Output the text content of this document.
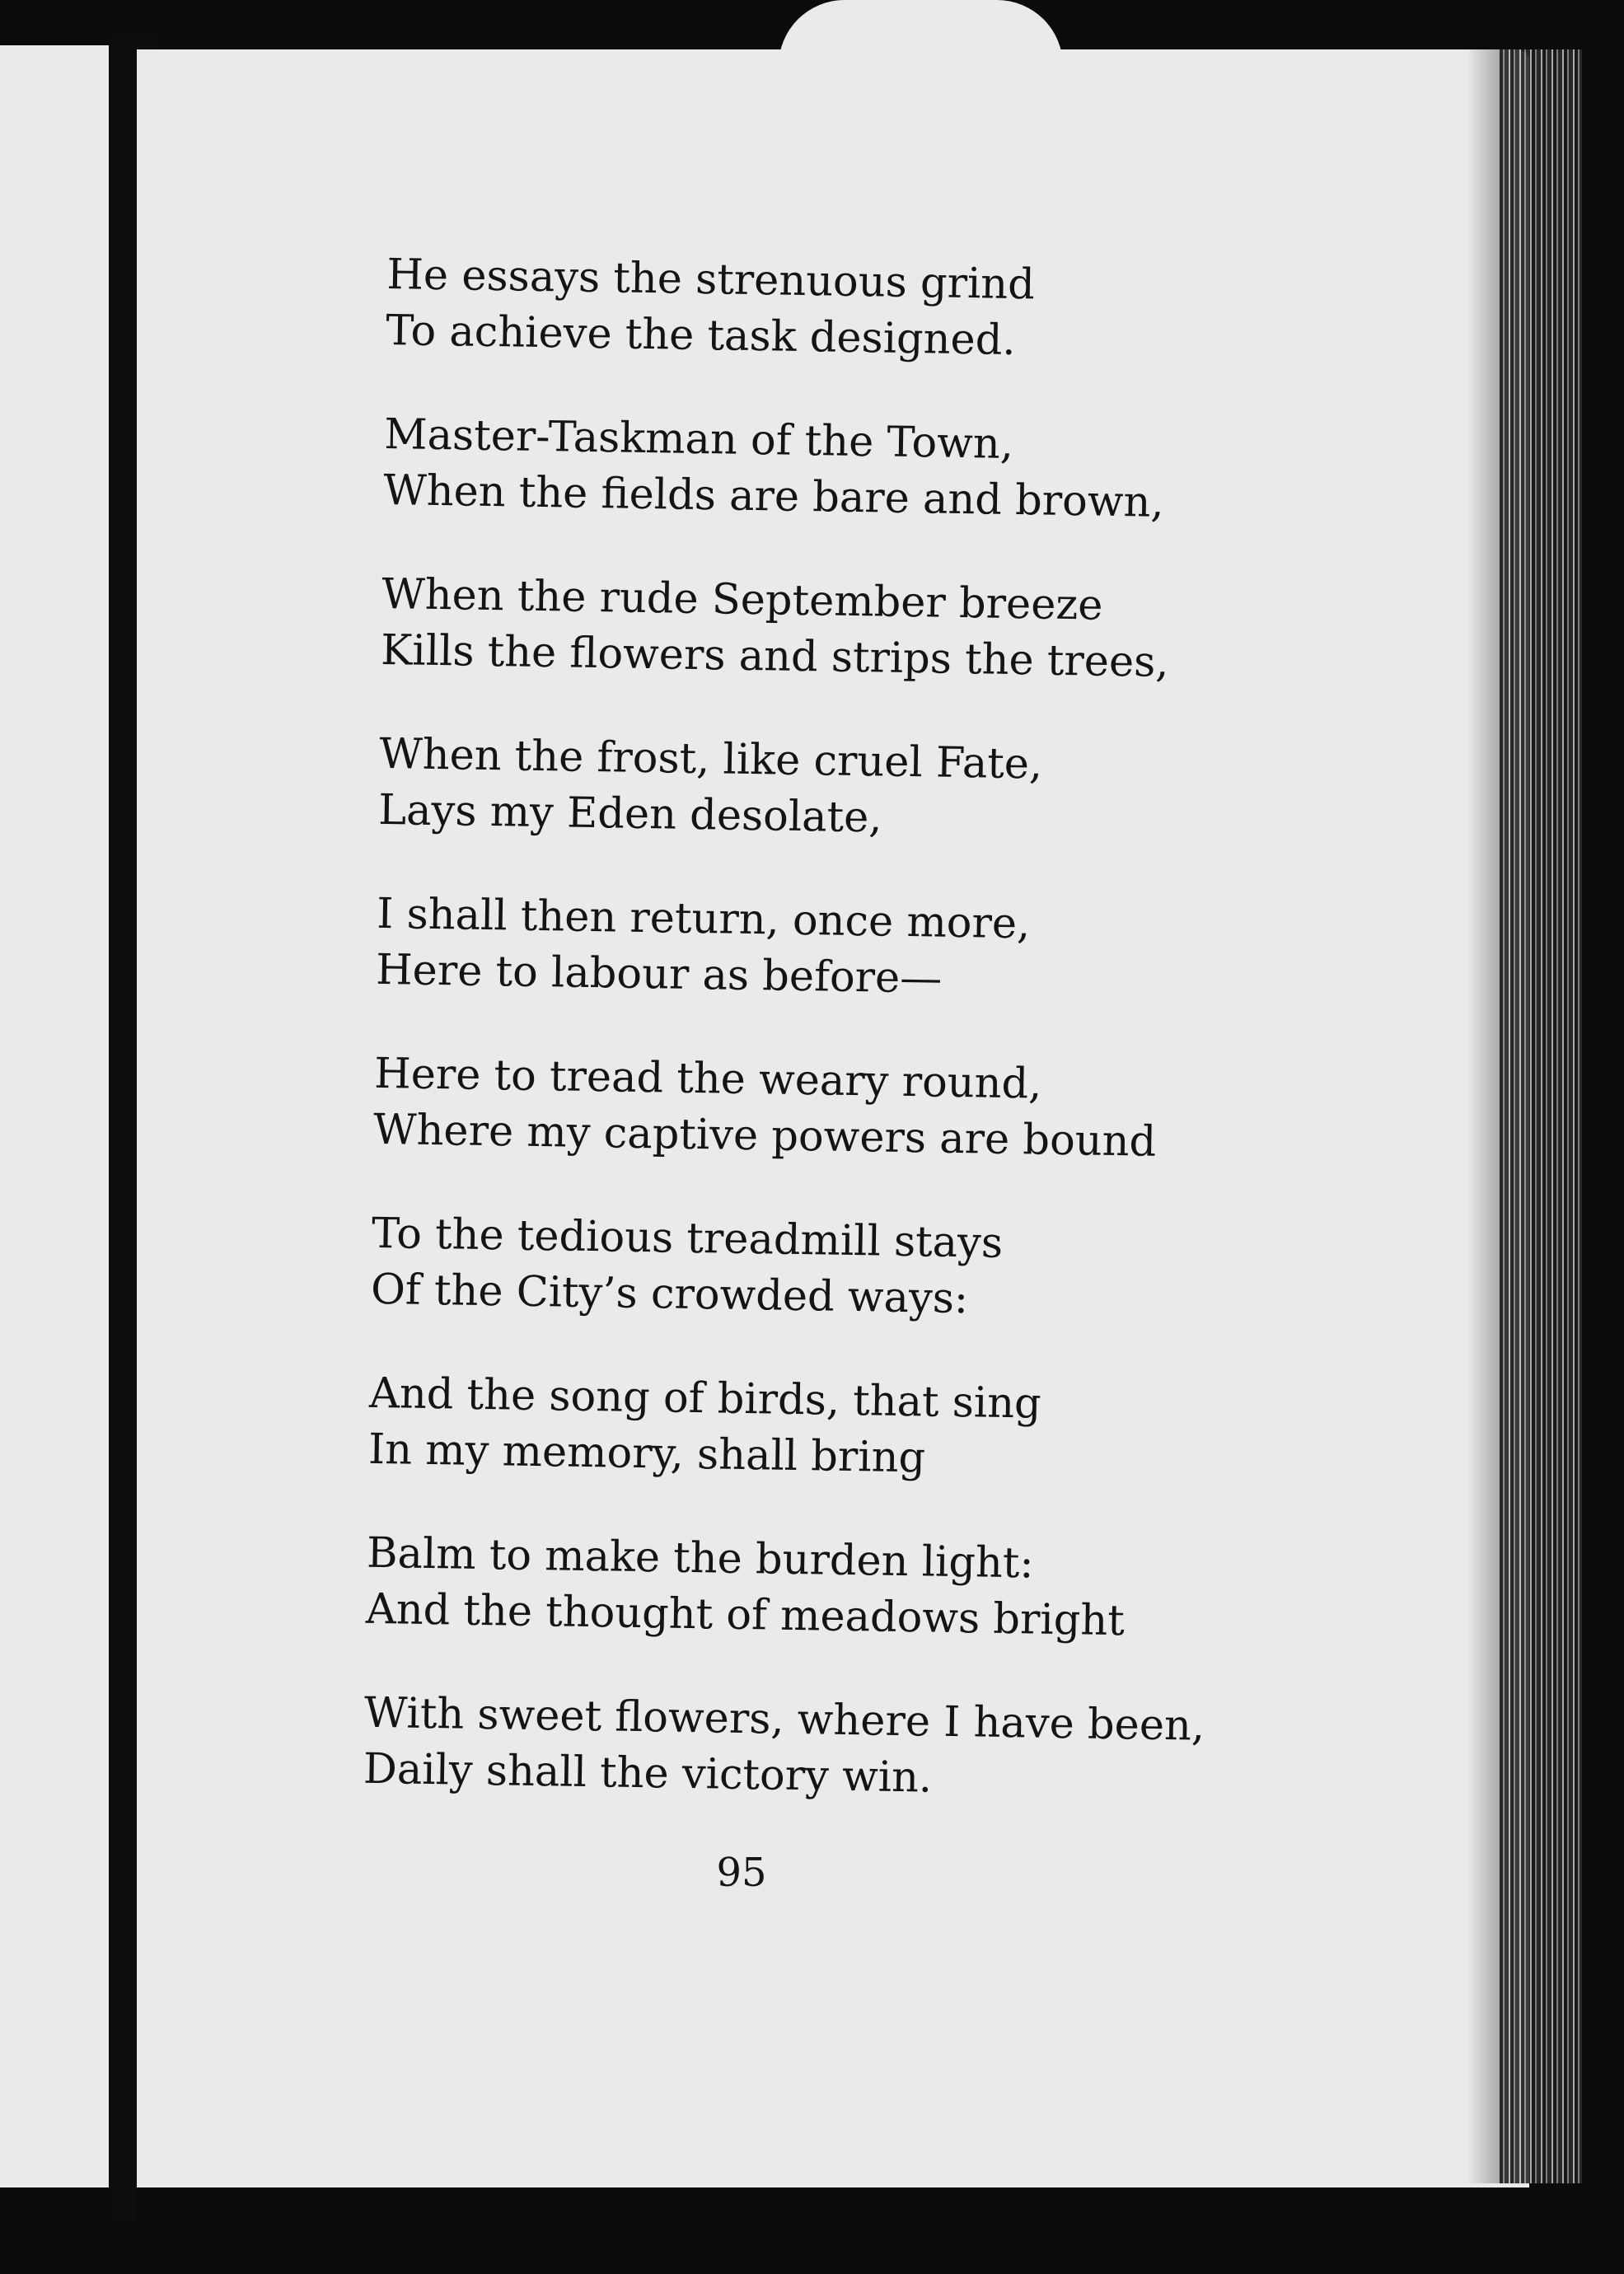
He essays the strenuous grind
To achieve the task designed.
Master-Taskman of the Town,
When the fields are bare and brown,
When the rude September breeze
Kills the flowers and strips the trees,
When the frost, like cruel Fate,
Lays my Eden desolate,
I shall then return, once more,
Here to labour as before—
Here to tread the weary round,
Where my captive powers are bound
To the tedious treadmill stays
Of the City’s crowded ways:
And the song of birds, that sing
In my memory, shall bring
Balm to make the burden light:
And the thought of meadows bright
With sweet flowers, where I have been,
Daily shall the victory win.
95
